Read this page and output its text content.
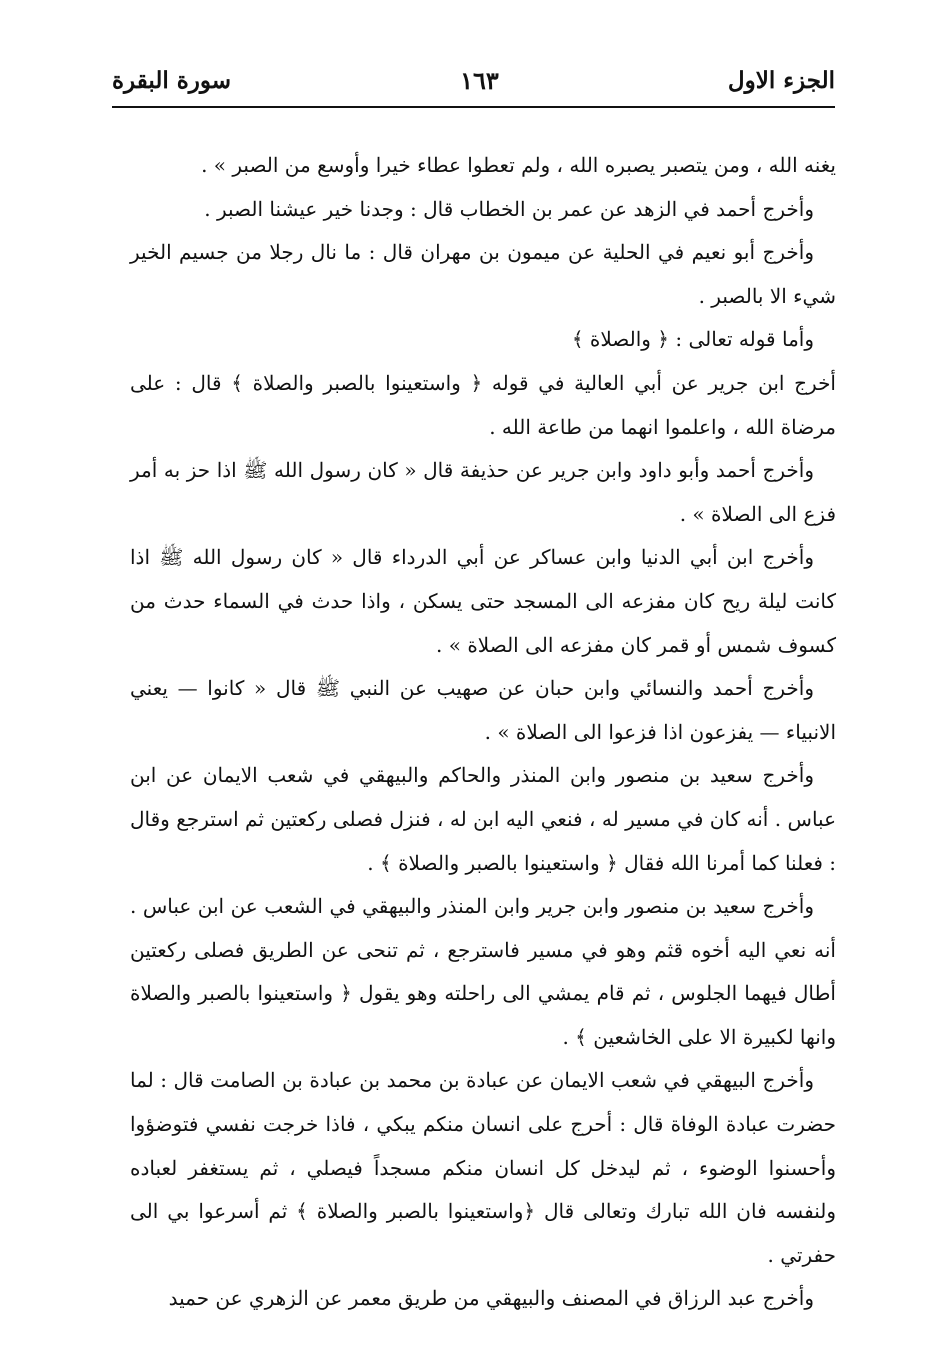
الجزء الاول
١٦٣
سورة البقرة

يغنه الله ، ومن يتصبر يصبره الله ، ولم تعطوا عطاء خيرا وأوسع من الصبر » .

وأخرج أحمد في الزهد عن عمر بن الخطاب قال : وجدنا خير عيشنا الصبر .

وأخرج أبو نعيم في الحلية عن ميمون بن مهران قال : ما نال رجلا من جسيم الخير شيء الا بالصبر .

وأما قوله تعالى : ﴿ والصلاة ﴾

أخرج ابن جرير عن أبي العالية في قوله ﴿ واستعينوا بالصبر والصلاة ﴾ قال : على مرضاة الله ، واعلموا انهما من طاعة الله .

وأخرج أحمد وأبو داود وابن جرير عن حذيفة قال « كان رسول الله ﷺ اذا حز به أمر فزع الى الصلاة » .

وأخرج ابن أبي الدنيا وابن عساكر عن أبي الدرداء قال « كان رسول الله ﷺ اذا كانت ليلة ريح كان مفزعه الى المسجد حتى يسكن ، واذا حدث في السماء حدث من كسوف شمس أو قمر كان مفزعه الى الصلاة » .

وأخرج أحمد والنسائي وابن حبان عن صهيب عن النبي ﷺ قال « كانوا — يعني الانبياء — يفزعون اذا فزعوا الى الصلاة » .

وأخرج سعيد بن منصور وابن المنذر والحاكم والبيهقي في شعب الايمان عن ابن عباس . أنه كان في مسير له ، فنعي اليه ابن له ، فنزل فصلى ركعتين ثم استرجع وقال : فعلنا كما أمرنا الله فقال ﴿ واستعينوا بالصبر والصلاة ﴾ .

وأخرج سعيد بن منصور وابن جرير وابن المنذر والبيهقي في الشعب عن ابن عباس . أنه نعي اليه أخوه قثم وهو في مسير فاسترجع ، ثم تنحى عن الطريق فصلى ركعتين أطال فيهما الجلوس ، ثم قام يمشي الى راحلته وهو يقول ﴿ واستعينوا بالصبر والصلاة وانها لكبيرة الا على الخاشعين ﴾ .

وأخرج البيهقي في شعب الايمان عن عبادة بن محمد بن عبادة بن الصامت قال : لما حضرت عبادة الوفاة قال : أحرج على انسان منكم يبكي ، فاذا خرجت نفسي فتوضؤوا وأحسنوا الوضوء ، ثم ليدخل كل انسان منكم مسجداً فيصلي ، ثم يستغفر لعباده ولنفسه فان الله تبارك وتعالى قال ﴿واستعينوا بالصبر والصلاة ﴾ ثم أسرعوا بي الى حفرتي .

وأخرج عبد الرزاق في المصنف والبيهقي من طريق معمر عن الزهري عن حميد
